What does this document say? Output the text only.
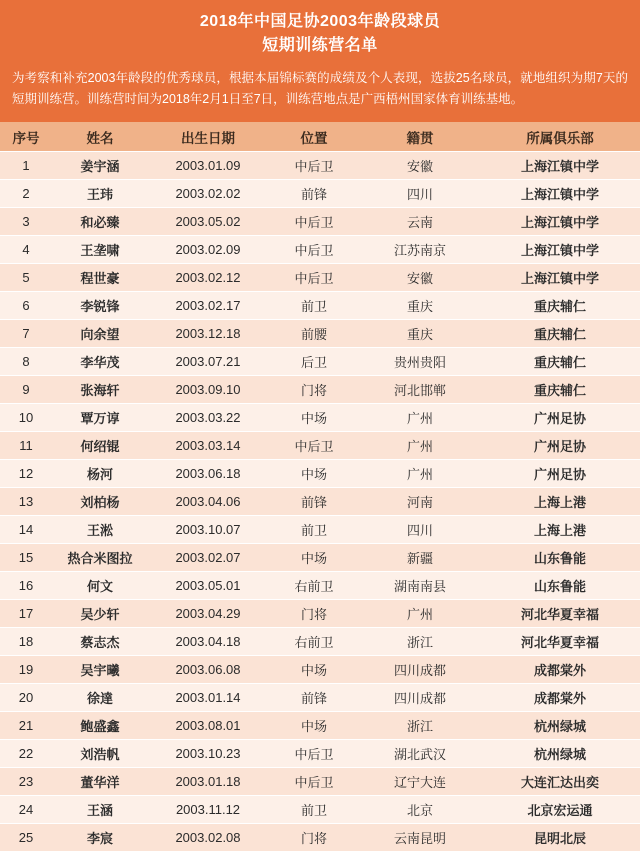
2018年中国足协2003年龄段球员
短期训练营名单
为考察和补充2003年龄段的优秀球员，根据本届锦标赛的成绩及个人表现，选拔25名球员，就地组织为期7天的短期训练营。训练营时间为2018年2月1日至7日，训练营地点是广西梧州国家体育训练基地。
序号	姓名	出生日期	位置	籍贯	所属俱乐部
1	姜宇涵	2003.01.09	中后卫	安徽	上海江镇中学
2	王玮	2003.02.02	前锋	四川	上海江镇中学
3	和必臻	2003.05.02	中后卫	云南	上海江镇中学
4	王垄啸	2003.02.09	中后卫	江苏南京	上海江镇中学
5	程世豪	2003.02.12	中后卫	安徽	上海江镇中学
6	李锐锋	2003.02.17	前卫	重庆	重庆辅仁
7	向余望	2003.12.18	前腰	重庆	重庆辅仁
8	李华茂	2003.07.21	后卫	贵州贵阳	重庆辅仁
9	张海轩	2003.09.10	门将	河北邯郸	重庆辅仁
10	覃万谆	2003.03.22	中场	广州	广州足协
11	何绍锟	2003.03.14	中后卫	广州	广州足协
12	杨河	2003.06.18	中场	广州	广州足协
13	刘柏杨	2003.04.06	前锋	河南	上海上港
14	王淞	2003.10.07	前卫	四川	上海上港
15	热合米图拉	2003.02.07	中场	新疆	山东鲁能
16	何文	2003.05.01	右前卫	湖南南县	山东鲁能
17	吴少轩	2003.04.29	门将	广州	河北华夏幸福
18	蔡志杰	2003.04.18	右前卫	浙江	河北华夏幸福
19	吴宇曦	2003.06.08	中场	四川成都	成都棠外
20	徐達	2003.01.14	前锋	四川成都	成都棠外
21	鲍盛鑫	2003.08.01	中场	浙江	杭州绿城
22	刘浩帆	2003.10.23	中后卫	湖北武汉	杭州绿城
23	董华洋	2003.01.18	中后卫	辽宁大连	大连汇达出奕
24	王涵	2003.11.12	前卫	北京	北京宏运通
25	李宸	2003.02.08	门将	云南昆明	昆明北辰
